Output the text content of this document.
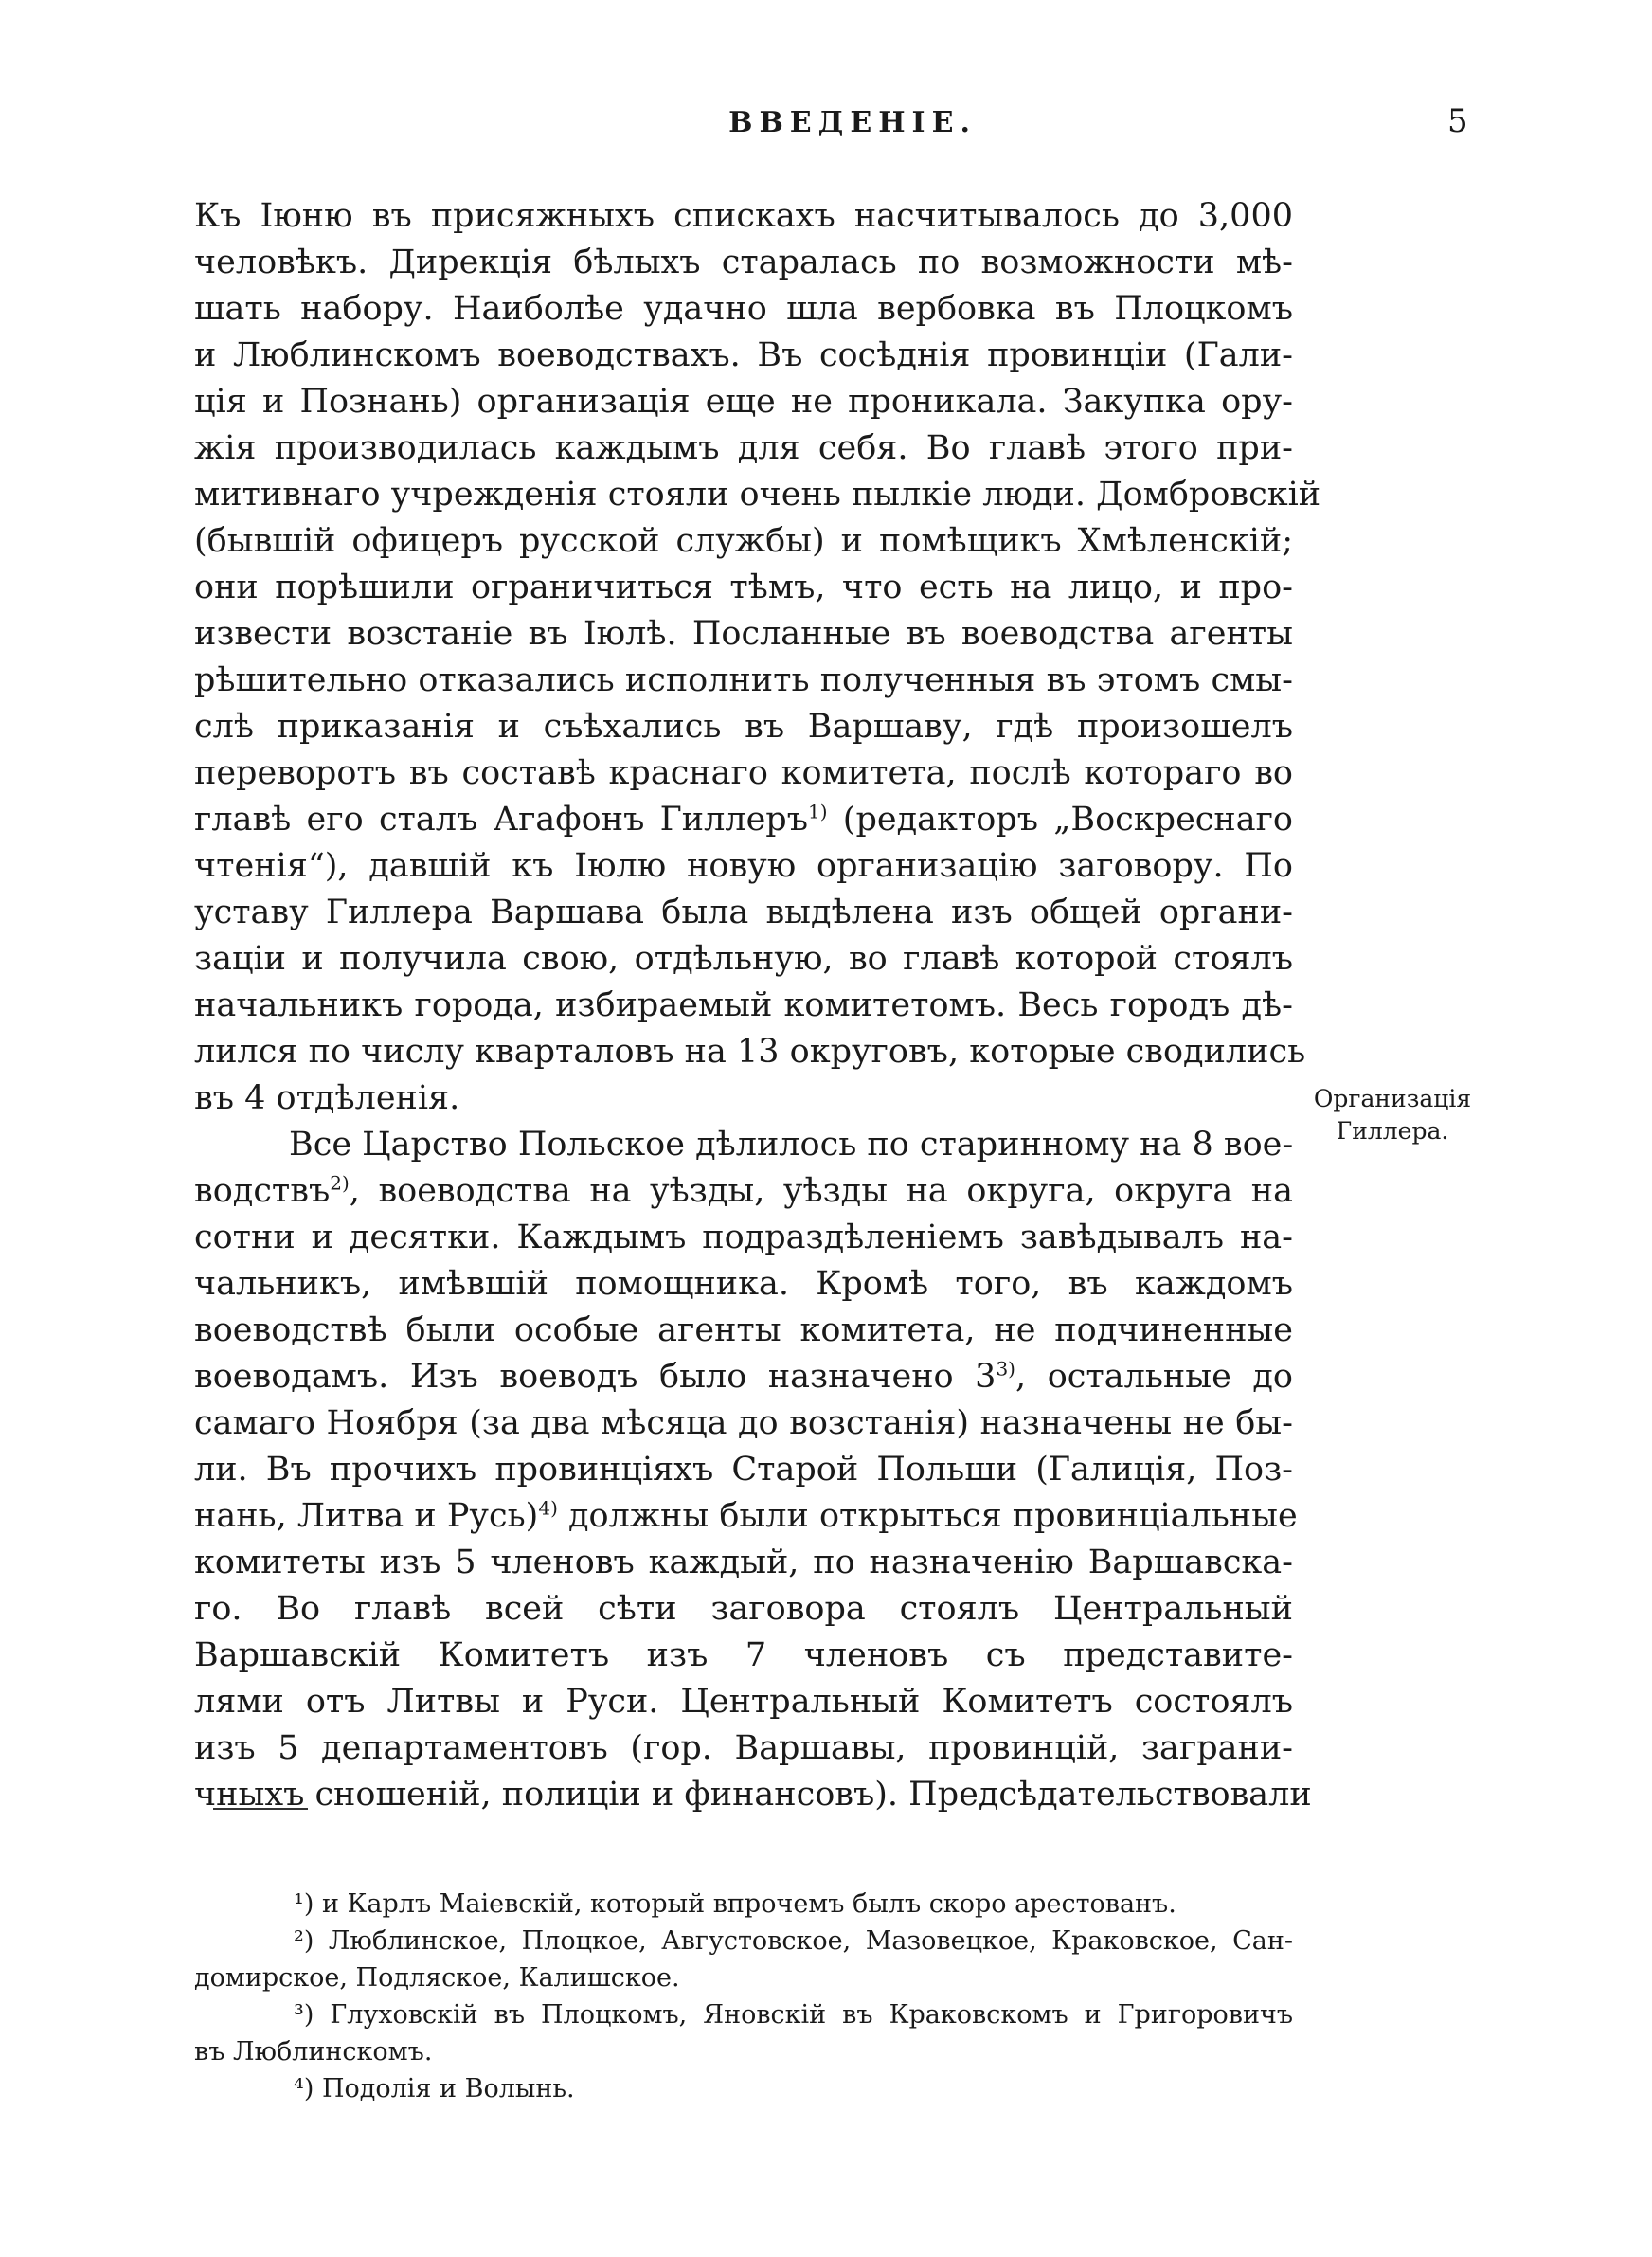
ВВЕДЕНІЕ.	5
Къ Іюню въ присяжныхъ спискахъ насчитывалось до 3,000
человѣкъ. Дирекція бѣлыхъ старалась по возможности мѣ-
шать набору. Наиболѣе удачно шла вербовка въ Плоцкомъ
и Люблинскомъ воеводствахъ. Въ сосѣднія провинціи (Гали-
ція и Познань) организація еще не проникала. Закупка ору-
жія производилась каждымъ для себя. Во главѣ этого при-
митивнаго учрежденія стояли очень пылкіе люди. Домбровскій
(бывшій офицеръ русской службы) и помѣщикъ Хмѣленскій;
они порѣшили ограничиться тѣмъ, что есть на лицо, и про-
извести возстаніе въ Іюлѣ. Посланные въ воеводства агенты
рѣшительно отказались исполнить полученныя въ этомъ смы-
слѣ приказанія и съѣхались въ Варшаву, гдѣ произошелъ
переворотъ въ составѣ краснаго комитета, послѣ котораго во
главѣ его сталъ Агафонъ Гиллеръ$^{1)}$ (редакторъ „Воскреснаго
чтенія“), давшій къ Іюлю новую организацію заговору. По
уставу Гиллера Варшава была выдѣлена изъ общей органи-
заціи и получила свою, отдѣльную, во главѣ которой стоялъ
начальникъ города, избираемый комитетомъ. Весь городъ дѣ-
лился по числу кварталовъ на 13 округовъ, которые сводились
въ 4 отдѣленія.
Все Царство Польское дѣлилось по старинному на 8 вое-
водствъ$^{2)}$, воеводства на уѣзды, уѣзды на округа, округа на
сотни и десятки. Каждымъ подраздѣленіемъ завѣдывалъ на-
чальникъ, имѣвшій помощника. Кромѣ того, въ каждомъ
воеводствѣ были особые агенты комитета, не подчиненные
воеводамъ. Изъ воеводъ было назначено 3$^{3)}$, остальные до
самаго Ноября (за два мѣсяца до возстанія) назначены не бы-
ли. Въ прочихъ провинціяхъ Старой Польши (Галиція, Поз-
нань, Литва и Русь)$^{4)}$ должны были открыться провинціальные
комитеты изъ 5 членовъ каждый, по назначенію Варшавска-
го. Во главѣ всей сѣти заговора стоялъ Центральный
Варшавскій Комитетъ изъ 7 членовъ съ представите-
лями отъ Литвы и Руси. Центральный Комитетъ состоялъ
изъ 5 департаментовъ (гор. Варшавы, провинцій, заграни-
чныхъ сношеній, полиціи и финансовъ). Предсѣдательствовали
Организація
Гиллера.
¹) и Карлъ Маіевскій, который впрочемъ былъ скоро арестованъ.
²) Люблинское, Плоцкое, Августовское, Мазовецкое, Краковское, Сан-
домирское, Подляское, Калишское.
³) Глуховскій въ Плоцкомъ, Яновскій въ Краковскомъ и Григоровичъ
въ Люблинскомъ.
⁴) Подолія и Волынь.
